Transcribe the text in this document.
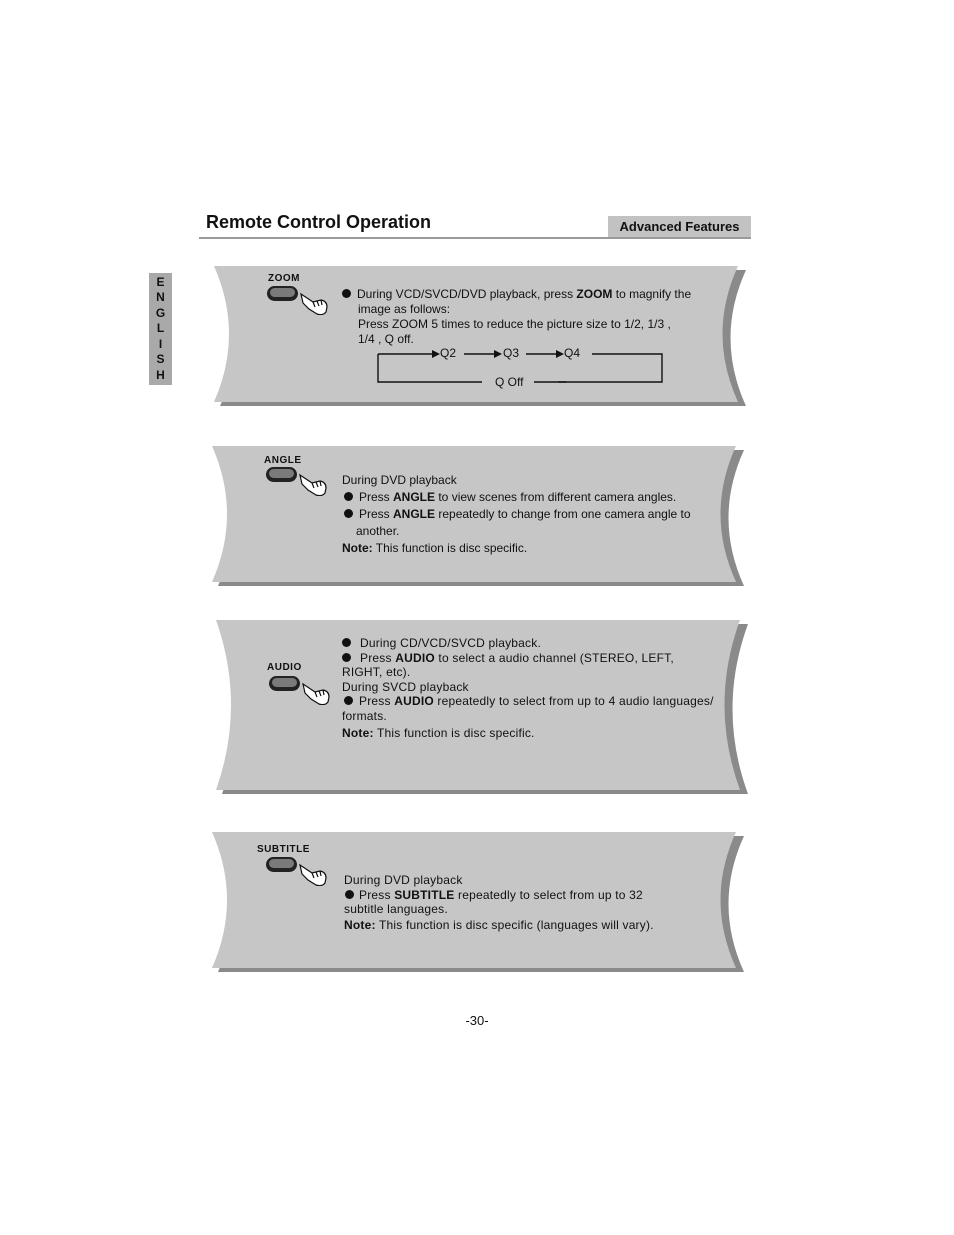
Remote Control Operation	Advanced Features
E
N
G
L
I
S
H
ZOOM

During VCD/SVCD/DVD playback, press ZOOM to magnify the

image as follows:

Press ZOOM 5 times to reduce the picture size to 1/2, 1/3 ,

1/4 , Q off.

Q2	Q3	Q4
Q Off
ANGLE

During DVD playback

Press ANGLE to view scenes from different camera angles.

Press ANGLE repeatedly to change from one camera angle to

another.

Note: This function is disc specific.

AUDIO

During CD/VCD/SVCD playback.

Press AUDIO to select a audio channel (STEREO, LEFT,

RIGHT, etc).

During SVCD playback

Press AUDIO repeatedly to select from up to 4 audio languages/

formats.

Note: This function is disc specific.

SUBTITLE

During DVD playback

Press SUBTITLE repeatedly to select from up to 32

subtitle languages.

Note: This function is disc specific (languages will vary).

-30-
